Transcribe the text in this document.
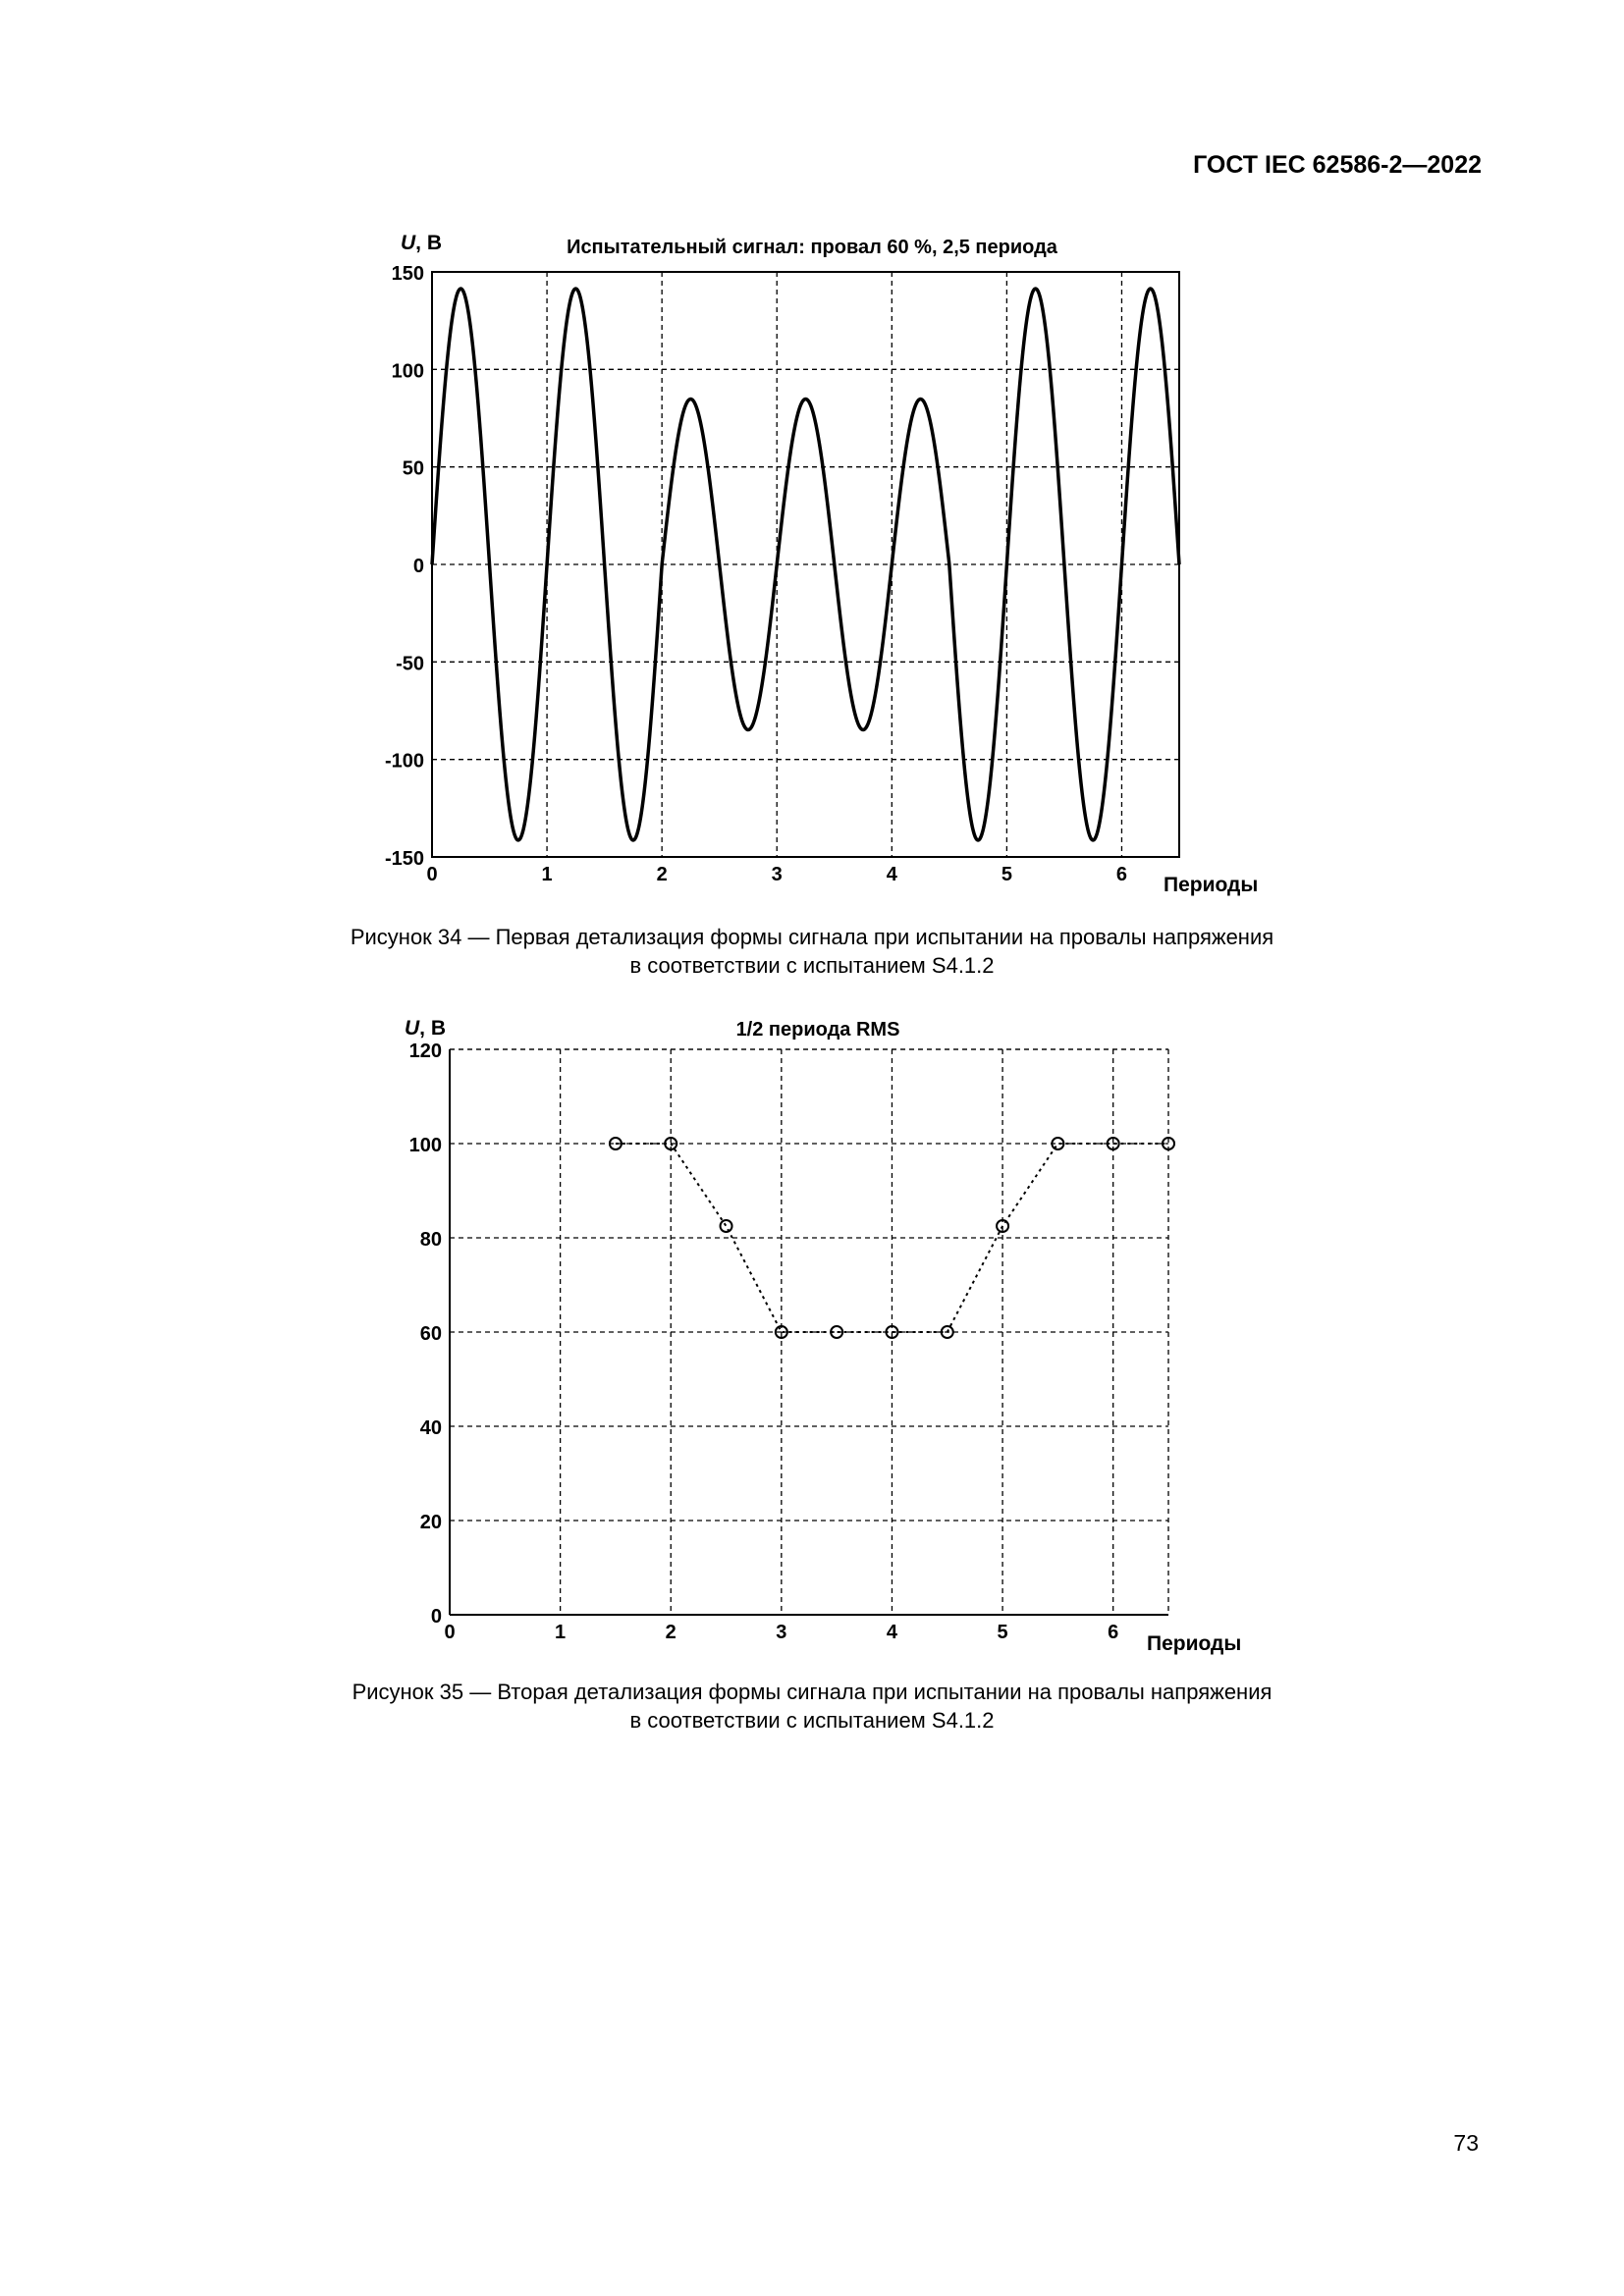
ГОСТ IEC 62586-2—2022
U, В	Испытательный сигнал: провал 60 %, 2,5 периода
150
100
50
0
-50
-100
-150
0	1	2	3	4	5	6 Периоды
Рисунок 34 — Первая детализация формы сигнала при испытании на провалы напряжения
в соответствии с испытанием S4.1.2
U, В	1/2 периода RMS
120
100
80
60
40
20
0
0	1	2	3	4	5	6 Периоды
Рисунок 35 — Вторая детализация формы сигнала при испытании на провалы напряжения
в соответствии с испытанием S4.1.2
73
